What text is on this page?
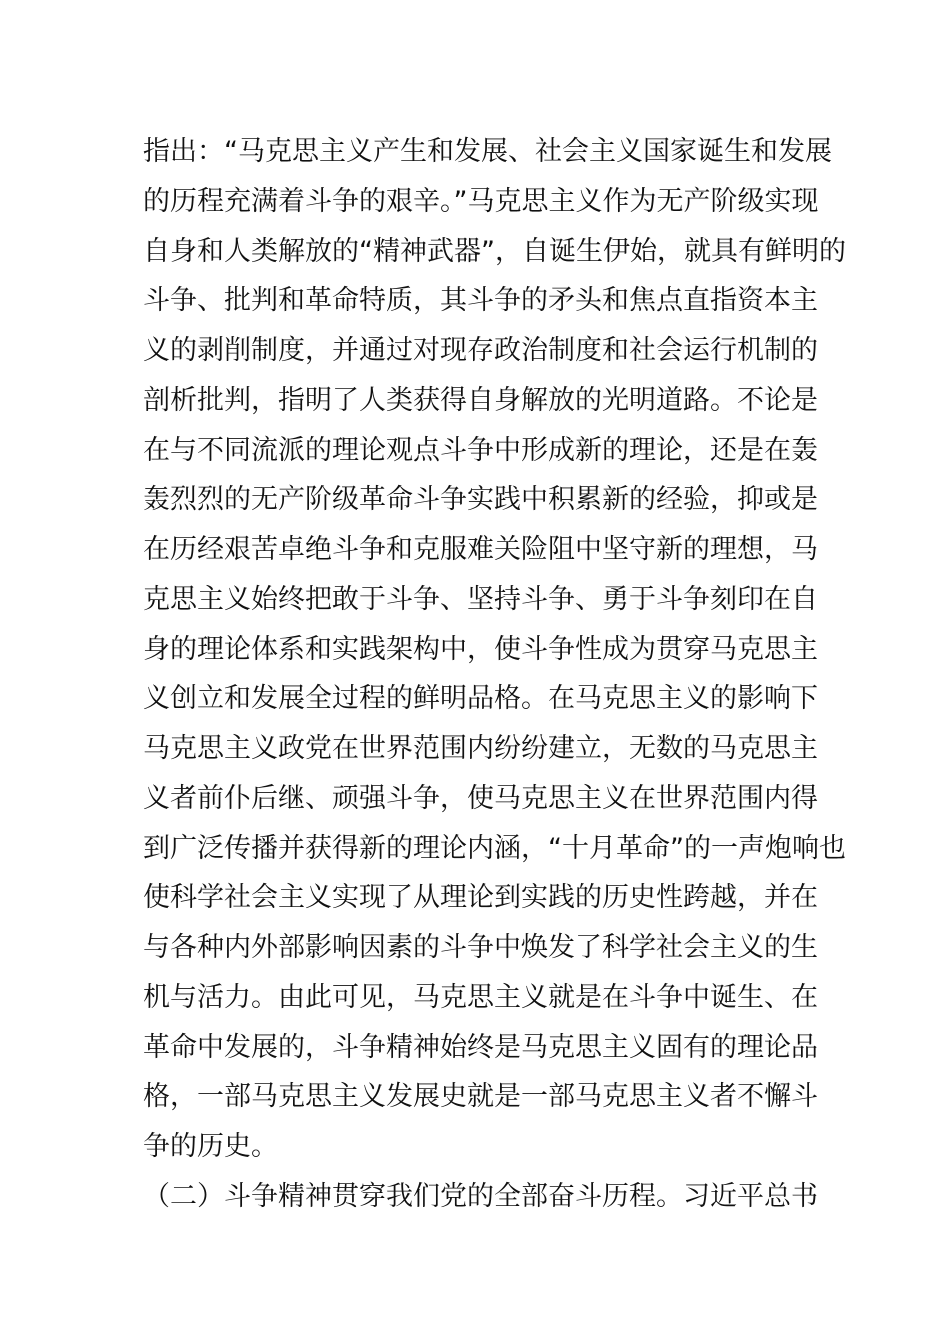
指出：“马克思主义产生和发展、社会主义国家诞生和发展
的历程充满着斗争的艰辛。”马克思主义作为无产阶级实现
自身和人类解放的“精神武器”，自诞生伊始，就具有鲜明的
斗争、批判和革命特质，其斗争的矛头和焦点直指资本主
义的剥削制度，并通过对现存政治制度和社会运行机制的
剖析批判，指明了人类获得自身解放的光明道路。不论是
在与不同流派的理论观点斗争中形成新的理论，还是在轰
轰烈烈的无产阶级革命斗争实践中积累新的经验，抑或是
在历经艰苦卓绝斗争和克服难关险阻中坚守新的理想，马
克思主义始终把敢于斗争、坚持斗争、勇于斗争刻印在自
身的理论体系和实践架构中，使斗争性成为贯穿马克思主
义创立和发展全过程的鲜明品格。在马克思主义的影响下
马克思主义政党在世界范围内纷纷建立，无数的马克思主
义者前仆后继、顽强斗争，使马克思主义在世界范围内得
到广泛传播并获得新的理论内涵，“十月革命”的一声炮响也
使科学社会主义实现了从理论到实践的历史性跨越，并在
与各种内外部影响因素的斗争中焕发了科学社会主义的生
机与活力。由此可见，马克思主义就是在斗争中诞生、在
革命中发展的，斗争精神始终是马克思主义固有的理论品
格，一部马克思主义发展史就是一部马克思主义者不懈斗
争的历史。
（二）斗争精神贯穿我们党的全部奋斗历程。习近平总书
